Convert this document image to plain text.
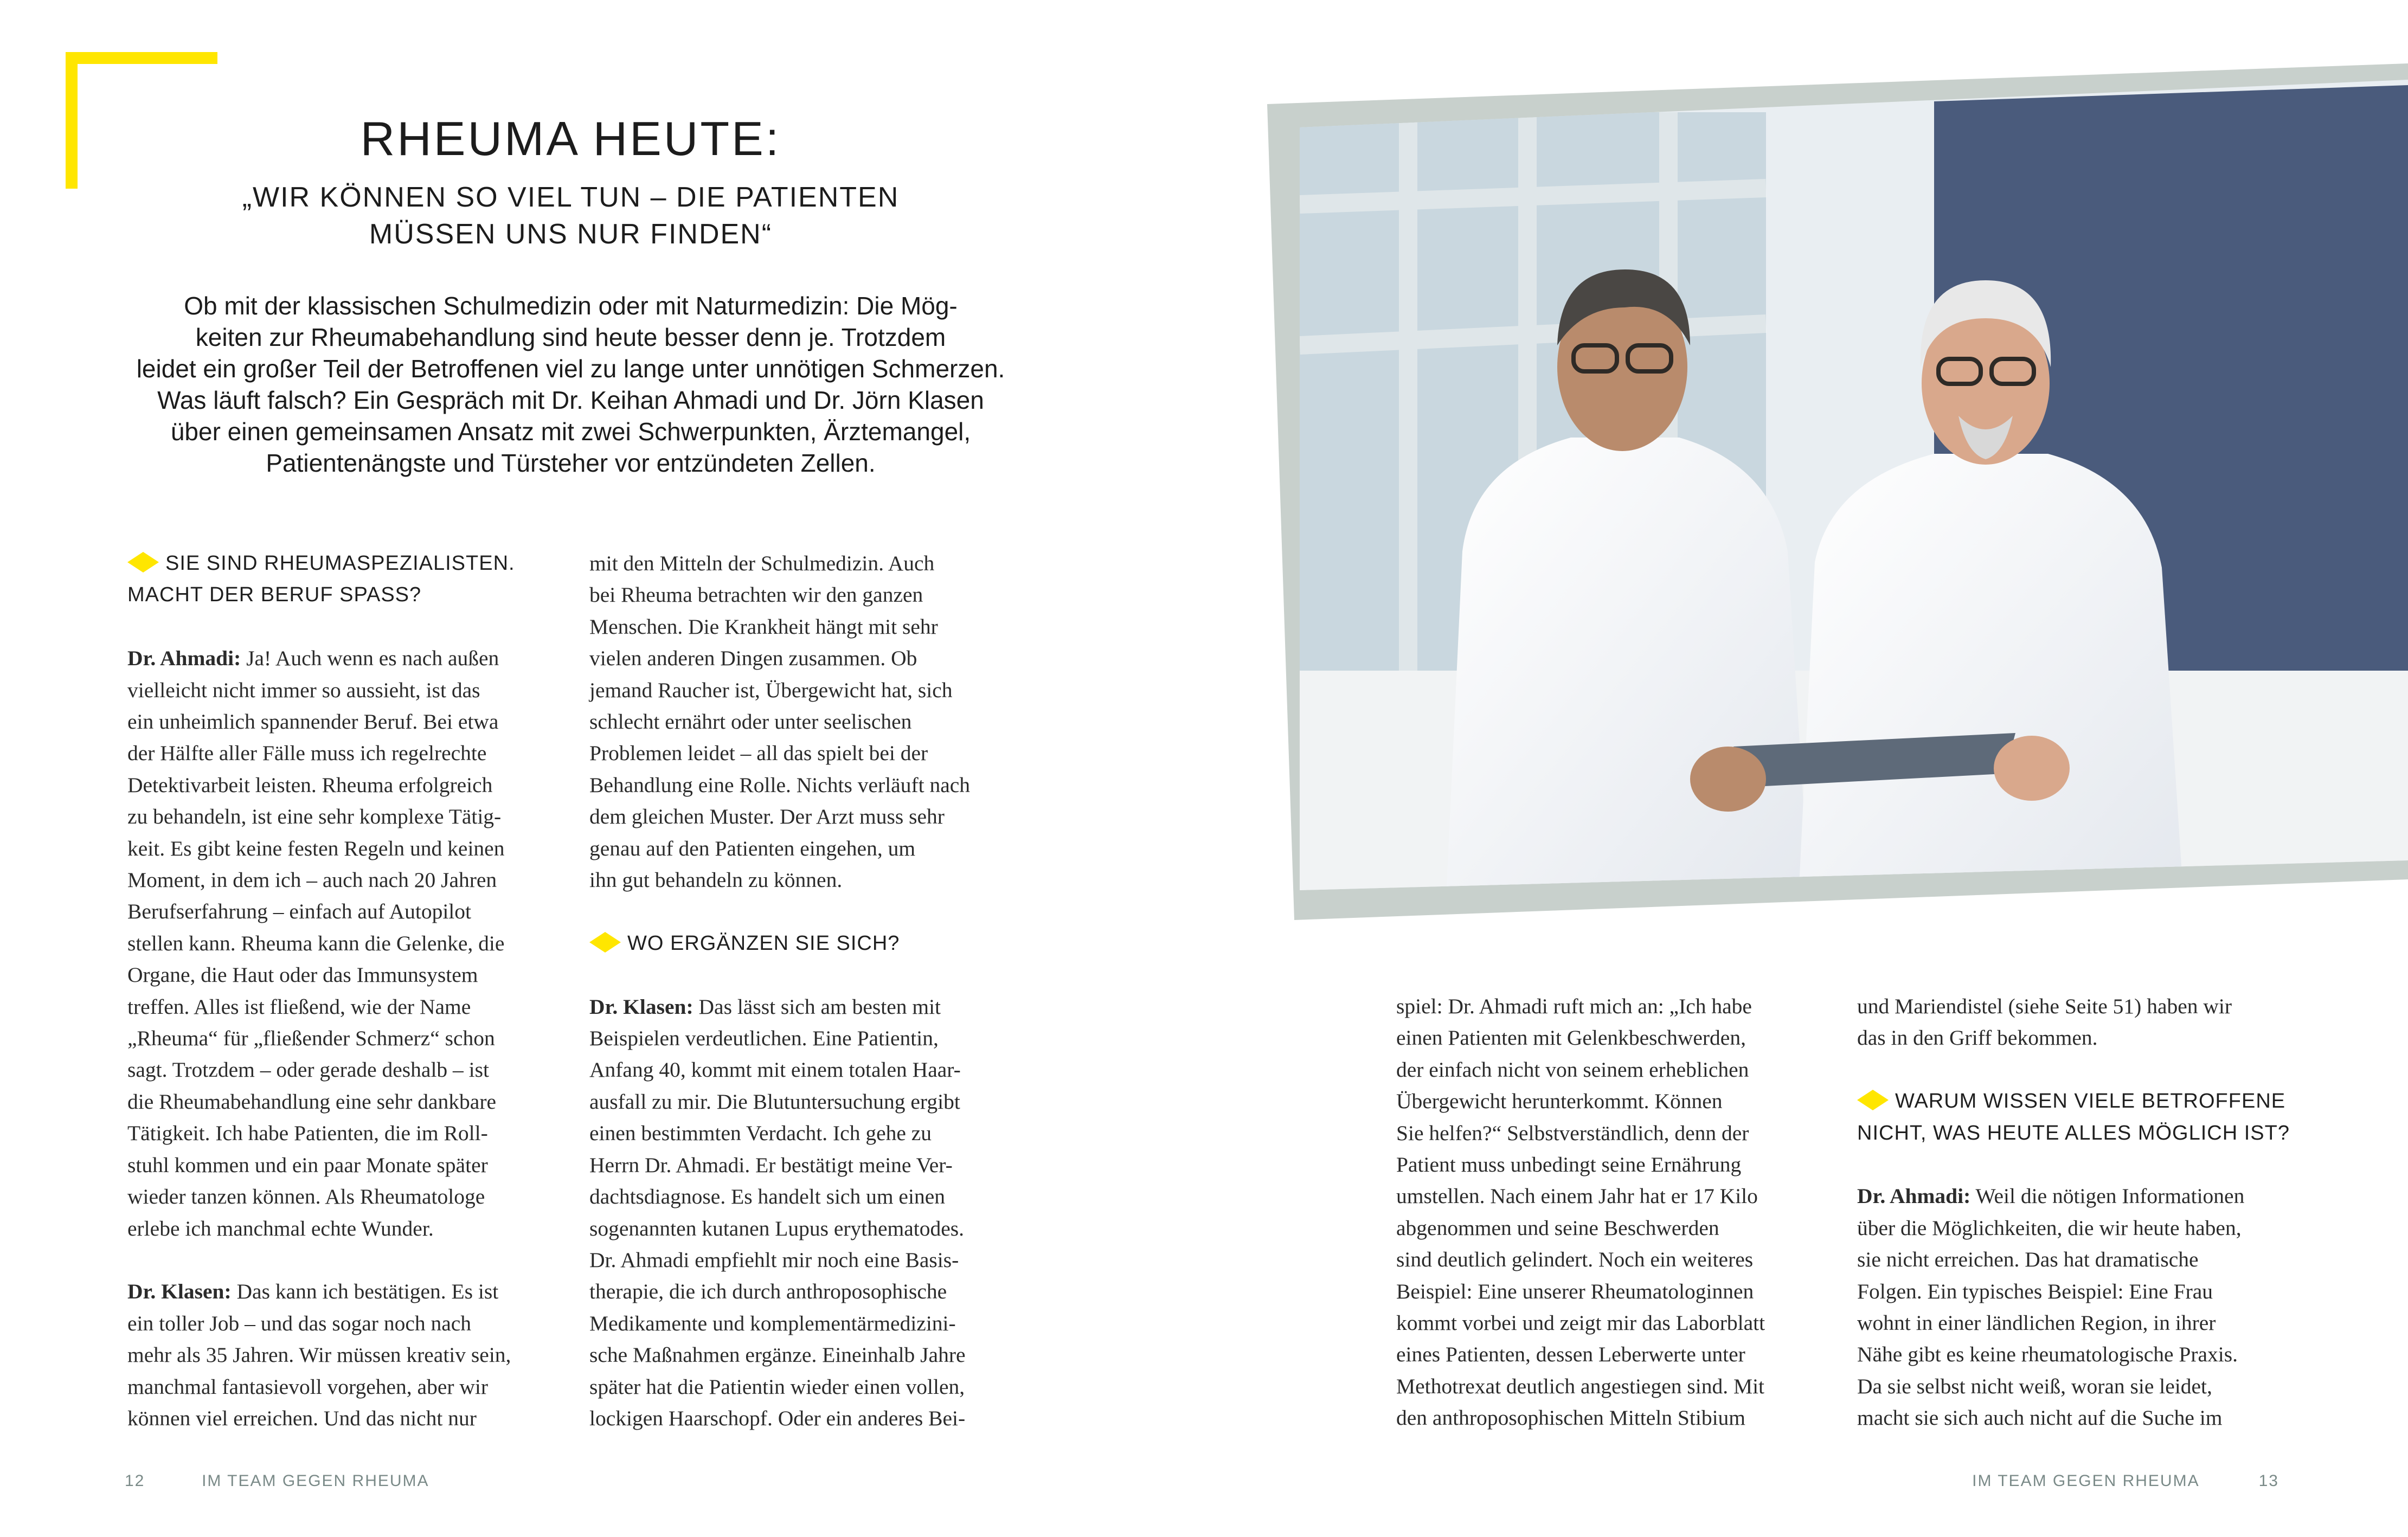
RHEUMA HEUTE:

„WIR KÖNNEN SO VIEL TUN – DIE PATIENTEN
MÜSSEN UNS NUR FINDEN“

Ob mit der klassischen Schulmedizin oder mit Naturmedizin: Die Mög-
keiten zur Rheumabehandlung sind heute besser denn je. Trotzdem
leidet ein großer Teil der Betroffenen viel zu lange unter unnötigen Schmerzen.
Was läuft falsch? Ein Gespräch mit Dr. Keihan Ahmadi und Dr. Jörn Klasen
über einen gemeinsamen Ansatz mit zwei Schwerpunkten, Ärztemangel,
Patientenängste und Türsteher vor entzündeten Zellen.

SIE SIND RHEUMASPEZIALISTEN.
MACHT DER BERUF SPASS?
Dr. Ahmadi: Ja! Auch wenn es nach außen
vielleicht nicht immer so aussieht, ist das
ein unheimlich spannender Beruf. Bei etwa
der Hälfte aller Fälle muss ich regelrechte
Detektivarbeit leisten. Rheuma erfolgreich
zu behandeln, ist eine sehr komplexe Tätig-
keit. Es gibt keine festen Regeln und keinen
Moment, in dem ich – auch nach 20 Jahren
Berufserfahrung – einfach auf Autopilot
stellen kann. Rheuma kann die Gelenke, die
Organe, die Haut oder das Immunsystem
treffen. Alles ist fließend, wie der Name
„Rheuma“ für „fließender Schmerz“ schon
sagt. Trotzdem – oder gerade deshalb – ist
die Rheumabehandlung eine sehr dankbare
Tätigkeit. Ich habe Patienten, die im Roll-
stuhl kommen und ein paar Monate später
wieder tanzen können. Als Rheumatologe
erlebe ich manchmal echte Wunder.
Dr. Klasen: Das kann ich bestätigen. Es ist
ein toller Job – und das sogar noch nach
mehr als 35 Jahren. Wir müssen kreativ sein,
manchmal fantasievoll vorgehen, aber wir
können viel erreichen. Und das nicht nur
mit den Mitteln der Schulmedizin. Auch
bei Rheuma betrachten wir den ganzen
Menschen. Die Krankheit hängt mit sehr
vielen anderen Dingen zusammen. Ob
jemand Raucher ist, Übergewicht hat, sich
schlecht ernährt oder unter seelischen
Problemen leidet – all das spielt bei der
Behandlung eine Rolle. Nichts verläuft nach
dem gleichen Muster. Der Arzt muss sehr
genau auf den Patienten eingehen, um
ihn gut behandeln zu können.
WO ERGÄNZEN SIE SICH?
Dr. Klasen: Das lässt sich am besten mit
Beispielen verdeutlichen. Eine Patientin,
Anfang 40, kommt mit einem totalen Haar-
ausfall zu mir. Die Blutuntersuchung ergibt
einen bestimmten Verdacht. Ich gehe zu
Herrn Dr. Ahmadi. Er bestätigt meine Ver-
dachtsdiagnose. Es handelt sich um einen
sogenannten kutanen Lupus erythematodes.
Dr. Ahmadi empfiehlt mir noch eine Basis-
therapie, die ich durch anthroposophische
Medikamente und komplementärmedizini-
sche Maßnahmen ergänze. Eineinhalb Jahre
später hat die Patientin wieder einen vollen,
lockigen Haarschopf. Oder ein anderes Bei-
spiel: Dr. Ahmadi ruft mich an: „Ich habe
einen Patienten mit Gelenkbeschwerden,
der einfach nicht von seinem erheblichen
Übergewicht herunterkommt. Können
Sie helfen?“ Selbstverständlich, denn der
Patient muss unbedingt seine Ernährung
umstellen. Nach einem Jahr hat er 17 Kilo
abgenommen und seine Beschwerden
sind deutlich gelindert. Noch ein weiteres
Beispiel: Eine unserer Rheumatologinnen
kommt vorbei und zeigt mir das Laborblatt
eines Patienten, dessen Leberwerte unter
Methotrexat deutlich angestiegen sind. Mit
den anthroposophischen Mitteln Stibium
und Mariendistel (siehe Seite 51) haben wir
das in den Griff bekommen.
WARUM WISSEN VIELE BETROFFENE
NICHT, WAS HEUTE ALLES MÖGLICH IST?
Dr. Ahmadi: Weil die nötigen Informationen
über die Möglichkeiten, die wir heute haben,
sie nicht erreichen. Das hat dramatische
Folgen. Ein typisches Beispiel: Eine Frau
wohnt in einer ländlichen Region, in ihrer
Nähe gibt es keine rheumatologische Praxis.
Da sie selbst nicht weiß, woran sie leidet,
macht sie sich auch nicht auf die Suche im
12	IM TEAM GEGEN RHEUMA	IM TEAM GEGEN RHEUMA	13
